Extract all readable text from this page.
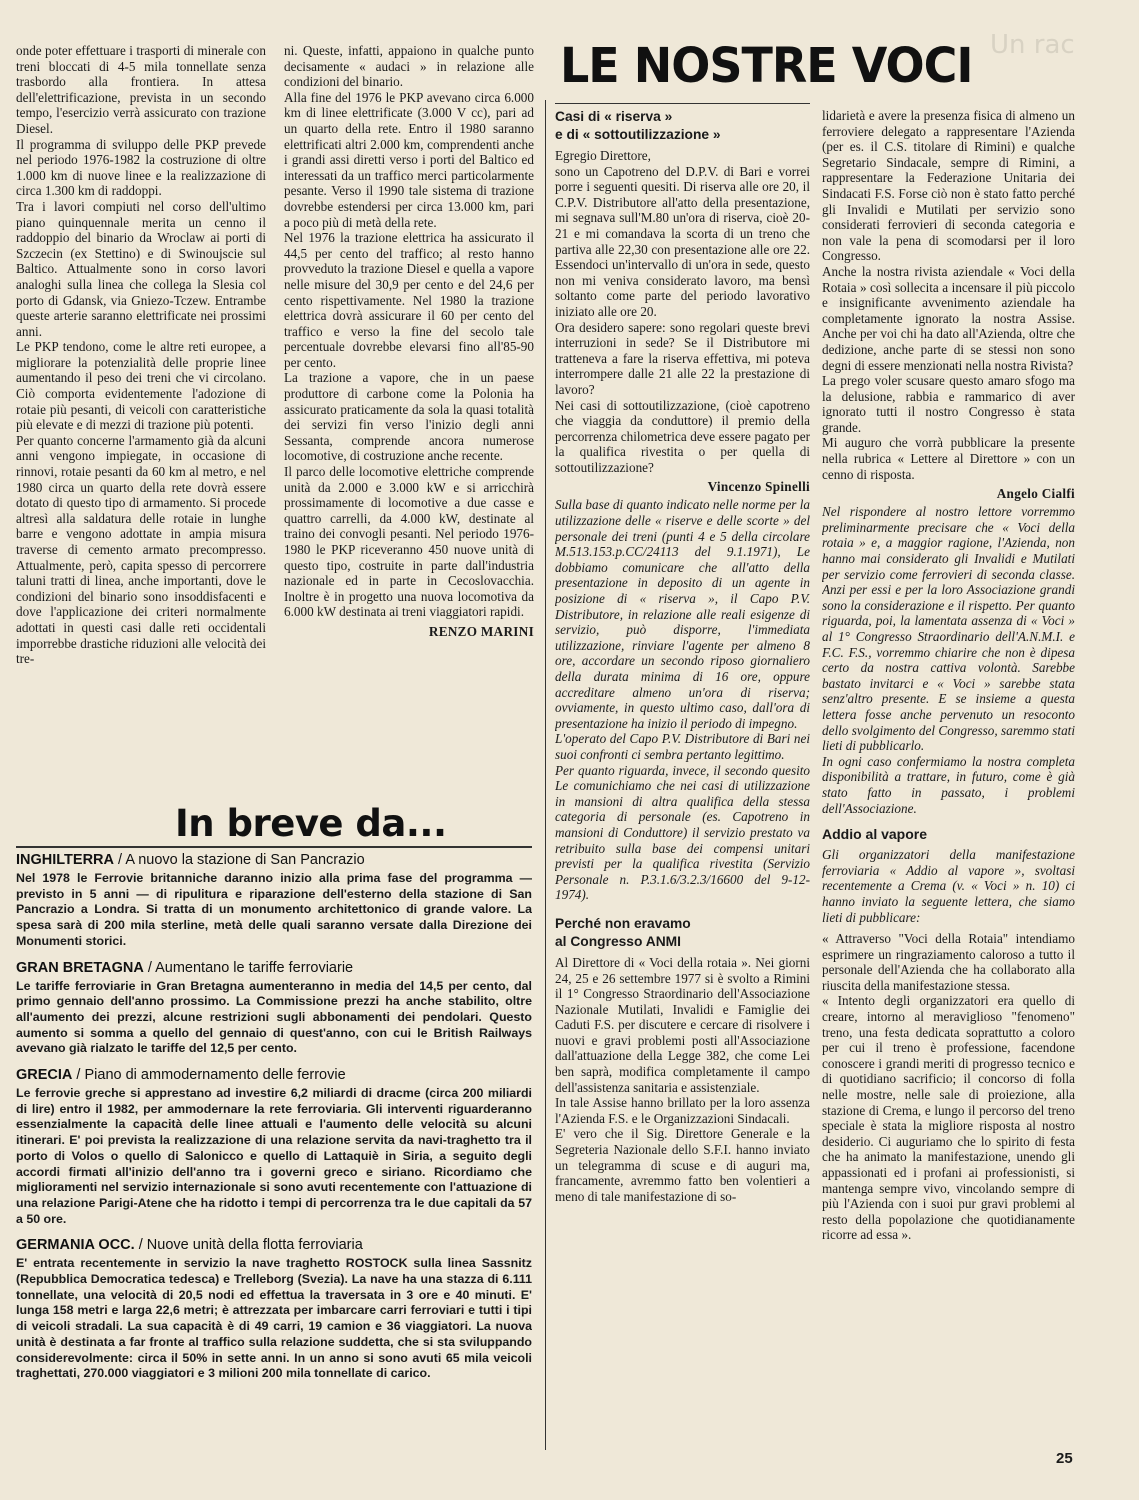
Un rac
LE NOSTRE VOCI

onde poter effettuare i trasporti di minerale con treni bloccati di 4-5 mila tonnellate senza trasbordo alla frontiera. In attesa dell'elettrificazione, prevista in un secondo tempo, l'esercizio verrà assicurato con trazione Diesel.

Il programma di sviluppo delle PKP prevede nel periodo 1976-1982 la costruzione di oltre 1.000 km di nuove linee e la realizzazione di circa 1.300 km di raddoppi.

Tra i lavori compiuti nel corso dell'ultimo piano quinquennale merita un cenno il raddoppio del binario da Wroclaw ai porti di Szczecin (ex Stettino) e di Swinoujscie sul Baltico. Attualmente sono in corso lavori analoghi sulla linea che collega la Slesia col porto di Gdansk, via Gniezo-Tczew. Entrambe queste arterie saranno elettrificate nei prossimi anni.

Le PKP tendono, come le altre reti europee, a migliorare la potenzialità delle proprie linee aumentando il peso dei treni che vi circolano. Ciò comporta evidentemente l'adozione di rotaie più pesanti, di veicoli con caratteristiche più elevate e di mezzi di trazione più potenti.

Per quanto concerne l'armamento già da alcuni anni vengono impiegate, in occasione di rinnovi, rotaie pesanti da 60 km al metro, e nel 1980 circa un quarto della rete dovrà essere dotato di questo tipo di armamento. Si procede altresì alla saldatura delle rotaie in lunghe barre e vengono adottate in ampia misura traverse di cemento armato precompresso. Attualmente, però, capita spesso di percorrere taluni tratti di linea, anche importanti, dove le condizioni del binario sono insoddisfacenti e dove l'applicazione dei criteri normalmente adottati in questi casi dalle reti occidentali imporrebbe drastiche riduzioni alle velocità dei tre-

ni. Queste, infatti, appaiono in qualche punto decisamente « audaci » in relazione alle condizioni del binario.

Alla fine del 1976 le PKP avevano circa 6.000 km di linee elettrificate (3.000 V cc), pari ad un quarto della rete. Entro il 1980 saranno elettrificati altri 2.000 km, comprendenti anche i grandi assi diretti verso i porti del Baltico ed interessati da un traffico merci particolarmente pesante. Verso il 1990 tale sistema di trazione dovrebbe estendersi per circa 13.000 km, pari a poco più di metà della rete.

Nel 1976 la trazione elettrica ha assicurato il 44,5 per cento del traffico; al resto hanno provveduto la trazione Diesel e quella a vapore nelle misure del 30,9 per cento e del 24,6 per cento rispettivamente. Nel 1980 la trazione elettrica dovrà assicurare il 60 per cento del traffico e verso la fine del secolo tale percentuale dovrebbe elevarsi fino all'85-90 per cento.

La trazione a vapore, che in un paese produttore di carbone come la Polonia ha assicurato praticamente da sola la quasi totalità dei servizi fin verso l'inizio degli anni Sessanta, comprende ancora numerose locomotive, di costruzione anche recente.

Il parco delle locomotive elettriche comprende unità da 2.000 e 3.000 kW e si arricchirà prossimamente di locomotive a due casse e quattro carrelli, da 4.000 kW, destinate al traino dei convogli pesanti. Nel periodo 1976-1980 le PKP riceveranno 450 nuove unità di questo tipo, costruite in parte dall'industria nazionale ed in parte in Cecoslovacchia. Inoltre è in progetto una nuova locomotiva da 6.000 kW destinata ai treni viaggiatori rapidi.

RENZO MARINI
In breve da...
INGHILTERRA / A nuovo la stazione di San Pancrazio

Nel 1978 le Ferrovie britanniche daranno inizio alla prima fase del programma — previsto in 5 anni — di ripulitura e riparazione dell'esterno della stazione di San Pancrazio a Londra. Si tratta di un monumento architettonico di grande valore. La spesa sarà di 200 mila sterline, metà delle quali saranno versate dalla Direzione dei Monumenti storici.

GRAN BRETAGNA / Aumentano le tariffe ferroviarie

Le tariffe ferroviarie in Gran Bretagna aumenteranno in media del 14,5 per cento, dal primo gennaio dell'anno prossimo. La Commissione prezzi ha anche stabilito, oltre all'aumento dei prezzi, alcune restrizioni sugli abbonamenti dei pendolari. Questo aumento si somma a quello del gennaio di quest'anno, con cui le British Railways avevano già rialzato le tariffe del 12,5 per cento.

GRECIA / Piano di ammodernamento delle ferrovie

Le ferrovie greche si apprestano ad investire 6,2 miliardi di dracme (circa 200 miliardi di lire) entro il 1982, per ammodernare la rete ferroviaria. Gli interventi riguarderanno essenzialmente la capacità delle linee attuali e l'aumento delle velocità su alcuni itinerari. E' poi prevista la realizzazione di una relazione servita da navi-traghetto tra il porto di Volos o quello di Salonicco e quello di Lattaquiè in Siria, a seguito degli accordi firmati all'inizio dell'anno tra i governi greco e siriano. Ricordiamo che miglioramenti nel servizio internazionale si sono avuti recentemente con l'attuazione di una relazione Parigi-Atene che ha ridotto i tempi di percorrenza tra le due capitali da 57 a 50 ore.

GERMANIA OCC. / Nuove unità della flotta ferroviaria

E' entrata recentemente in servizio la nave traghetto ROSTOCK sulla linea Sassnitz (Repubblica Democratica tedesca) e Trelleborg (Svezia). La nave ha una stazza di 6.111 tonnellate, una velocità di 20,5 nodi ed effettua la traversata in 3 ore e 40 minuti. E' lunga 158 metri e larga 22,6 metri; è attrezzata per imbarcare carri ferroviari e tutti i tipi di veicoli stradali. La sua capacità è di 49 carri, 19 camion e 36 viaggiatori. La nuova unità è destinata a far fronte al traffico sulla relazione suddetta, che si sta sviluppando considerevolmente: circa il 50% in sette anni. In un anno si sono avuti 65 mila veicoli traghettati, 270.000 viaggiatori e 3 milioni 200 mila tonnellate di carico.

Casi di « riserva »
e di « sottoutilizzazione »

Egregio Direttore,

sono un Capotreno del D.P.V. di Bari e vorrei porre i seguenti quesiti. Di riserva alle ore 20, il C.P.V. Distributore all'atto della presentazione, mi segnava sull'M.80 un'ora di riserva, cioè 20-21 e mi comandava la scorta di un treno che partiva alle 22,30 con presentazione alle ore 22. Essendoci un'intervallo di un'ora in sede, questo non mi veniva considerato lavoro, ma bensì soltanto come parte del periodo lavorativo iniziato alle ore 20.

Ora desidero sapere: sono regolari queste brevi interruzioni in sede? Se il Distributore mi tratteneva a fare la riserva effettiva, mi poteva interrompere dalle 21 alle 22 la prestazione di lavoro?

Nei casi di sottoutilizzazione, (cioè capotreno che viaggia da conduttore) il premio della percorrenza chilometrica deve essere pagato per la qualifica rivestita o per quella di sottoutilizzazione?

Vincenzo Spinelli

Sulla base di quanto indicato nelle norme per la utilizzazione delle « riserve e delle scorte » del personale dei treni (punti 4 e 5 della circolare M.513.153.p.CC/24113 del 9.1.1971), Le dobbiamo comunicare che all'atto della presentazione in deposito di un agente in posizione di « riserva », il Capo P.V. Distributore, in relazione alle reali esigenze di servizio, può disporre, l'immediata utilizzazione, rinviare l'agente per almeno 8 ore, accordare un secondo riposo giornaliero della durata minima di 16 ore, oppure accreditare almeno un'ora di riserva; ovviamente, in questo ultimo caso, dall'ora di presentazione ha inizio il periodo di impegno.

L'operato del Capo P.V. Distributore di Bari nei suoi confronti ci sembra pertanto legittimo.

Per quanto riguarda, invece, il secondo quesito Le comunichiamo che nei casi di utilizzazione in mansioni di altra qualifica della stessa categoria di personale (es. Capotreno in mansioni di Conduttore) il servizio prestato va retribuito sulla base dei compensi unitari previsti per la qualifica rivestita (Servizio Personale n. P.3.1.6/3.2.3/16600 del 9-12-1974).

Perché non eravamo
al Congresso ANMI

Al Direttore di « Voci della rotaia ». Nei giorni 24, 25 e 26 settembre 1977 si è svolto a Rimini il 1° Congresso Straordinario dell'Associazione Nazionale Mutilati, Invalidi e Famiglie dei Caduti F.S. per discutere e cercare di risolvere i nuovi e gravi problemi posti all'Associazione dall'attuazione della Legge 382, che come Lei ben saprà, modifica completamente il campo dell'assistenza sanitaria e assistenziale.

In tale Assise hanno brillato per la loro assenza l'Azienda F.S. e le Organizzazioni Sindacali.

E' vero che il Sig. Direttore Generale e la Segreteria Nazionale dello S.F.I. hanno inviato un telegramma di scuse e di auguri ma, francamente, avremmo fatto ben volentieri a meno di tale manifestazione di so-

lidarietà e avere la presenza fisica di almeno un ferroviere delegato a rappresentare l'Azienda (per es. il C.S. titolare di Rimini) e qualche Segretario Sindacale, sempre di Rimini, a rappresentare la Federazione Unitaria dei Sindacati F.S. Forse ciò non è stato fatto perché gli Invalidi e Mutilati per servizio sono considerati ferrovieri di seconda categoria e non vale la pena di scomodarsi per il loro Congresso.

Anche la nostra rivista aziendale « Voci della Rotaia » così sollecita a incensare il più piccolo e insignificante avvenimento aziendale ha completamente ignorato la nostra Assise. Anche per voi chi ha dato all'Azienda, oltre che dedizione, anche parte di se stessi non sono degni di essere menzionati nella nostra Rivista?

La prego voler scusare questo amaro sfogo ma la delusione, rabbia e rammarico di aver ignorato tutti il nostro Congresso è stata grande.

Mi auguro che vorrà pubblicare la presente nella rubrica « Lettere al Direttore » con un cenno di risposta.

Angelo Cialfi

Nel rispondere al nostro lettore vorremmo preliminarmente precisare che « Voci della rotaia » e, a maggior ragione, l'Azienda, non hanno mai considerato gli Invalidi e Mutilati per servizio come ferrovieri di seconda classe. Anzi per essi e per la loro Associazione grandi sono la considerazione e il rispetto. Per quanto riguarda, poi, la lamentata assenza di « Voci » al 1° Congresso Straordinario dell'A.N.M.I. e F.C. F.S., vorremmo chiarire che non è dipesa certo da nostra cattiva volontà. Sarebbe bastato invitarci e « Voci » sarebbe stata senz'altro presente. E se insieme a questa lettera fosse anche pervenuto un resoconto dello svolgimento del Congresso, saremmo stati lieti di pubblicarlo.

In ogni caso confermiamo la nostra completa disponibilità a trattare, in futuro, come è già stato fatto in passato, i problemi dell'Associazione.

Addio al vapore

Gli organizzatori della manifestazione ferroviaria « Addio al vapore », svoltasi recentemente a Crema (v. « Voci » n. 10) ci hanno inviato la seguente lettera, che siamo lieti di pubblicare:

« Attraverso "Voci della Rotaia" intendiamo esprimere un ringraziamento caloroso a tutto il personale dell'Azienda che ha collaborato alla riuscita della manifestazione stessa.

« Intento degli organizzatori era quello di creare, intorno al meraviglioso "fenomeno" treno, una festa dedicata soprattutto a coloro per cui il treno è professione, facendone conoscere i grandi meriti di progresso tecnico e di quotidiano sacrificio; il concorso di folla nelle mostre, nelle sale di proiezione, alla stazione di Crema, e lungo il percorso del treno speciale è stata la migliore risposta al nostro desiderio. Ci auguriamo che lo spirito di festa che ha animato la manifestazione, unendo gli appassionati ed i profani ai professionisti, si mantenga sempre vivo, vincolando sempre di più l'Azienda con i suoi pur gravi problemi al resto della popolazione che quotidianamente ricorre ad essa ».

25
